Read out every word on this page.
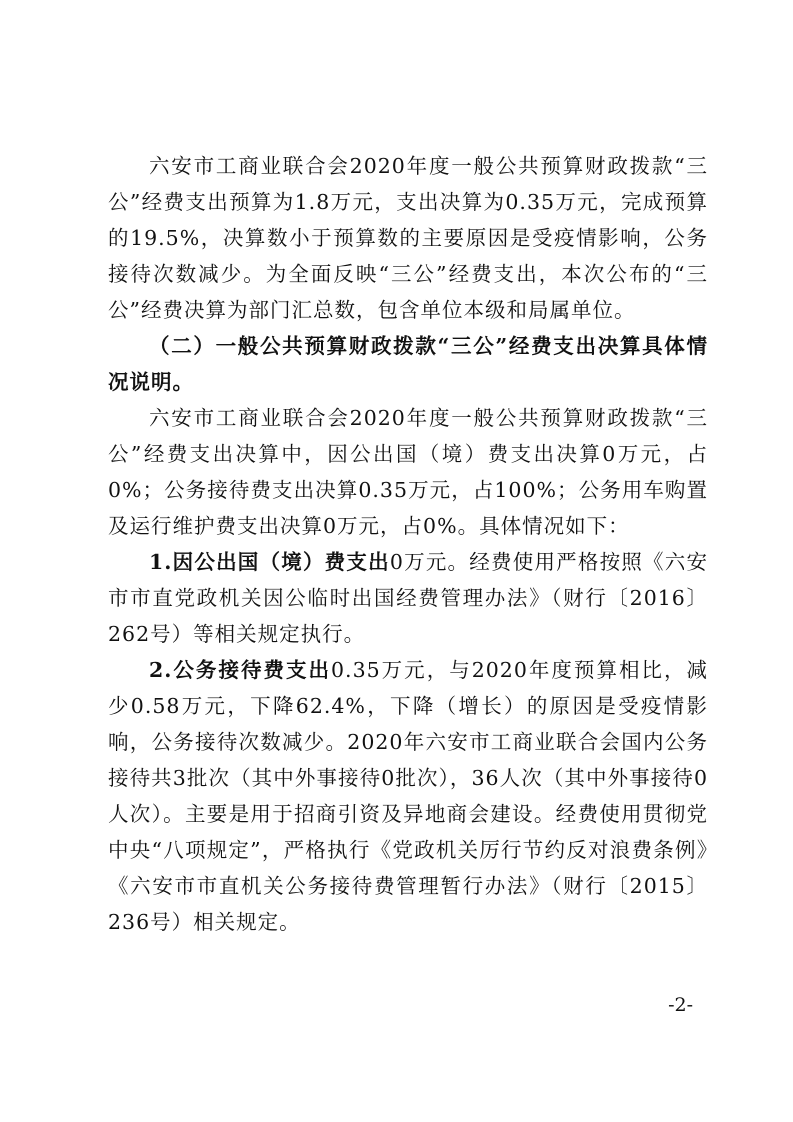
六安市工商业联合会2020年度一般公共预算财政拨款“三公”经费支出预算为1.8万元，支出决算为0.35万元，完成预算的19.5%，决算数小于预算数的主要原因是受疫情影响，公务接待次数减少。为全面反映“三公”经费支出，本次公布的“三公”经费决算为部门汇总数，包含单位本级和局属单位。

（二）一般公共预算财政拨款“三公”经费支出决算具体情况说明。

六安市工商业联合会2020年度一般公共预算财政拨款“三公”经费支出决算中，因公出国（境）费支出决算0万元，占0%；公务接待费支出决算0.35万元，占100%；公务用车购置及运行维护费支出决算0万元，占0%。具体情况如下：

1.因公出国（境）费支出0万元。经费使用严格按照《六安市市直党政机关因公临时出国经费管理办法》（财行〔2016〕262号）等相关规定执行。

2.公务接待费支出0.35万元，与2020年度预算相比，减少0.58万元，下降62.4%，下降（增长）的原因是受疫情影响，公务接待次数减少。2020年六安市工商业联合会国内公务接待共3批次（其中外事接待0批次），36人次（其中外事接待0人次）。主要是用于招商引资及异地商会建设。经费使用贯彻党中央“八项规定”，严格执行《党政机关厉行节约反对浪费条例》《六安市市直机关公务接待费管理暂行办法》（财行〔2015〕236号）相关规定。

-2-
